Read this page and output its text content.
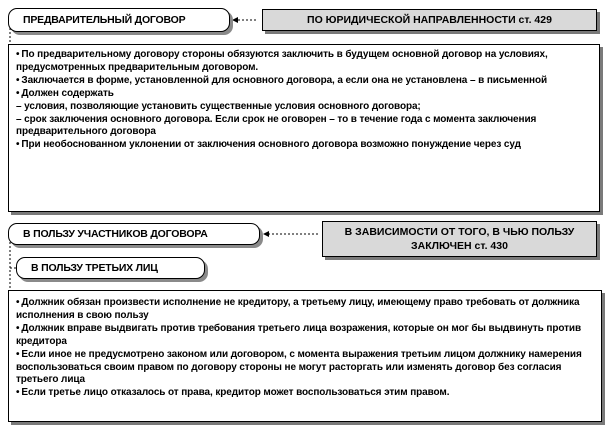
ПРЕДВАРИТЕЛЬНЫЙ ДОГОВОР	ПО ЮРИДИЧЕСКОЙ НАПРАВЛЕННОСТИ ст. 429

• По предварительному договору стороны обязуются заключить в будущем основной договор на условиях, предусмотренных предварительным договором.

• Заключается в форме, установленной для основного договора, а если она не установлена – в письменной

• Должен содержать

– условия, позволяющие установить существенные условия основного договора;

– срок заключения основного договора. Если срок не оговорен – то в течение года с момента заключения предварительного договора

• При необоснованном уклонении от заключения основного договора возможно понуждение через суд

В ПОЛЬЗУ УЧАСТНИКОВ ДОГОВОРА	В ЗАВИСИМОСТИ ОТ ТОГО, В ЧЬЮ ПОЛЬЗУ ЗАКЛЮЧЕН ст. 430
В ПОЛЬЗУ ТРЕТЬИХ ЛИЦ

• Должник обязан произвести исполнение не кредитору, а третьему лицу, имеющему право требовать от должника исполнения в свою пользу

• Должник вправе выдвигать против требования третьего лица возражения, которые он мог бы выдвинуть против кредитора

• Если иное не предусмотрено законом или договором, с момента выражения третьим лицом должнику намерения воспользоваться своим правом по договору стороны не могут расторгать или изменять договор без согласия третьего лица

• Если третье лицо отказалось от права, кредитор может воспользоваться этим правом.
